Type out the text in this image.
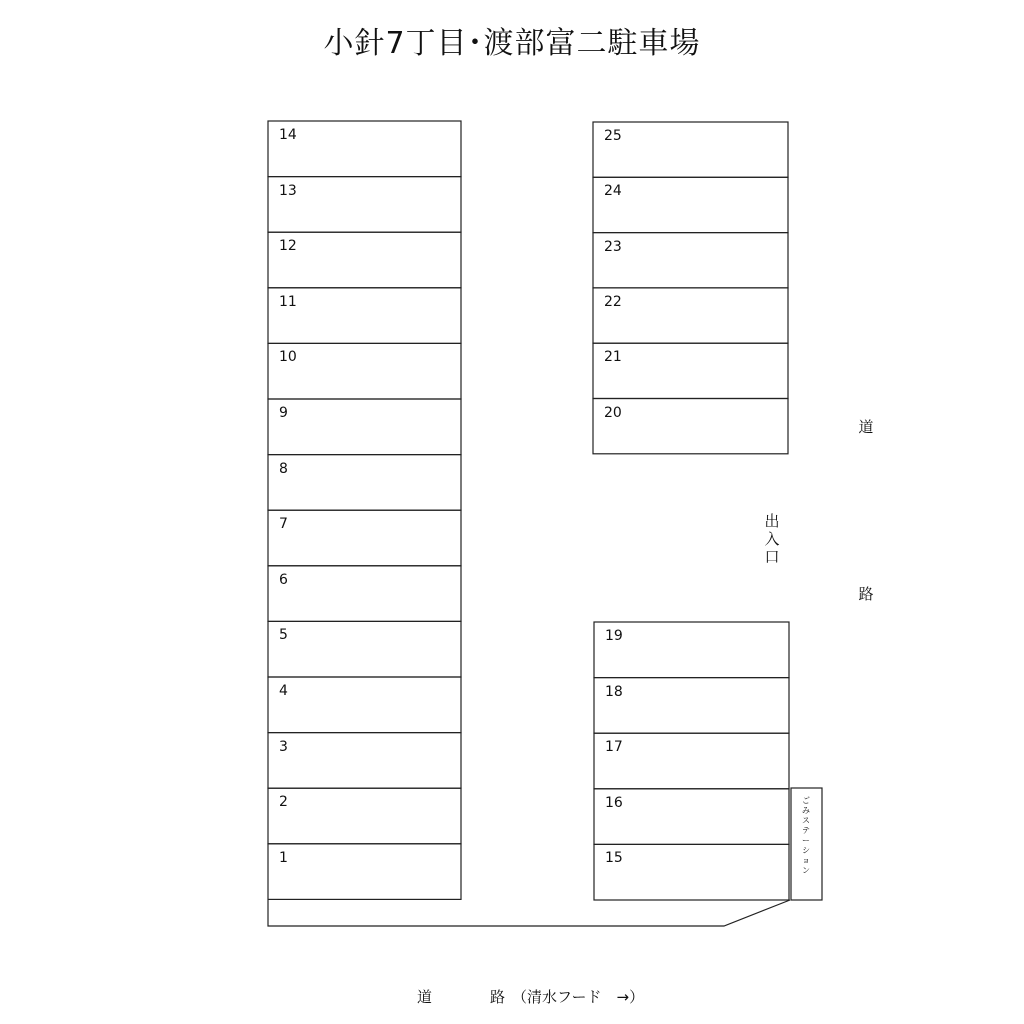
小針7丁目･渡部富二駐車場
14
13
12
11
10
9
8
7
6
5
4
3
2
1
25
24
23
22
21
20
19
18
17
16
15
出
入
口
道
路
道	路 （清水フード　→）
ご
み
ス
テ
ー
シ
ョ
ン
